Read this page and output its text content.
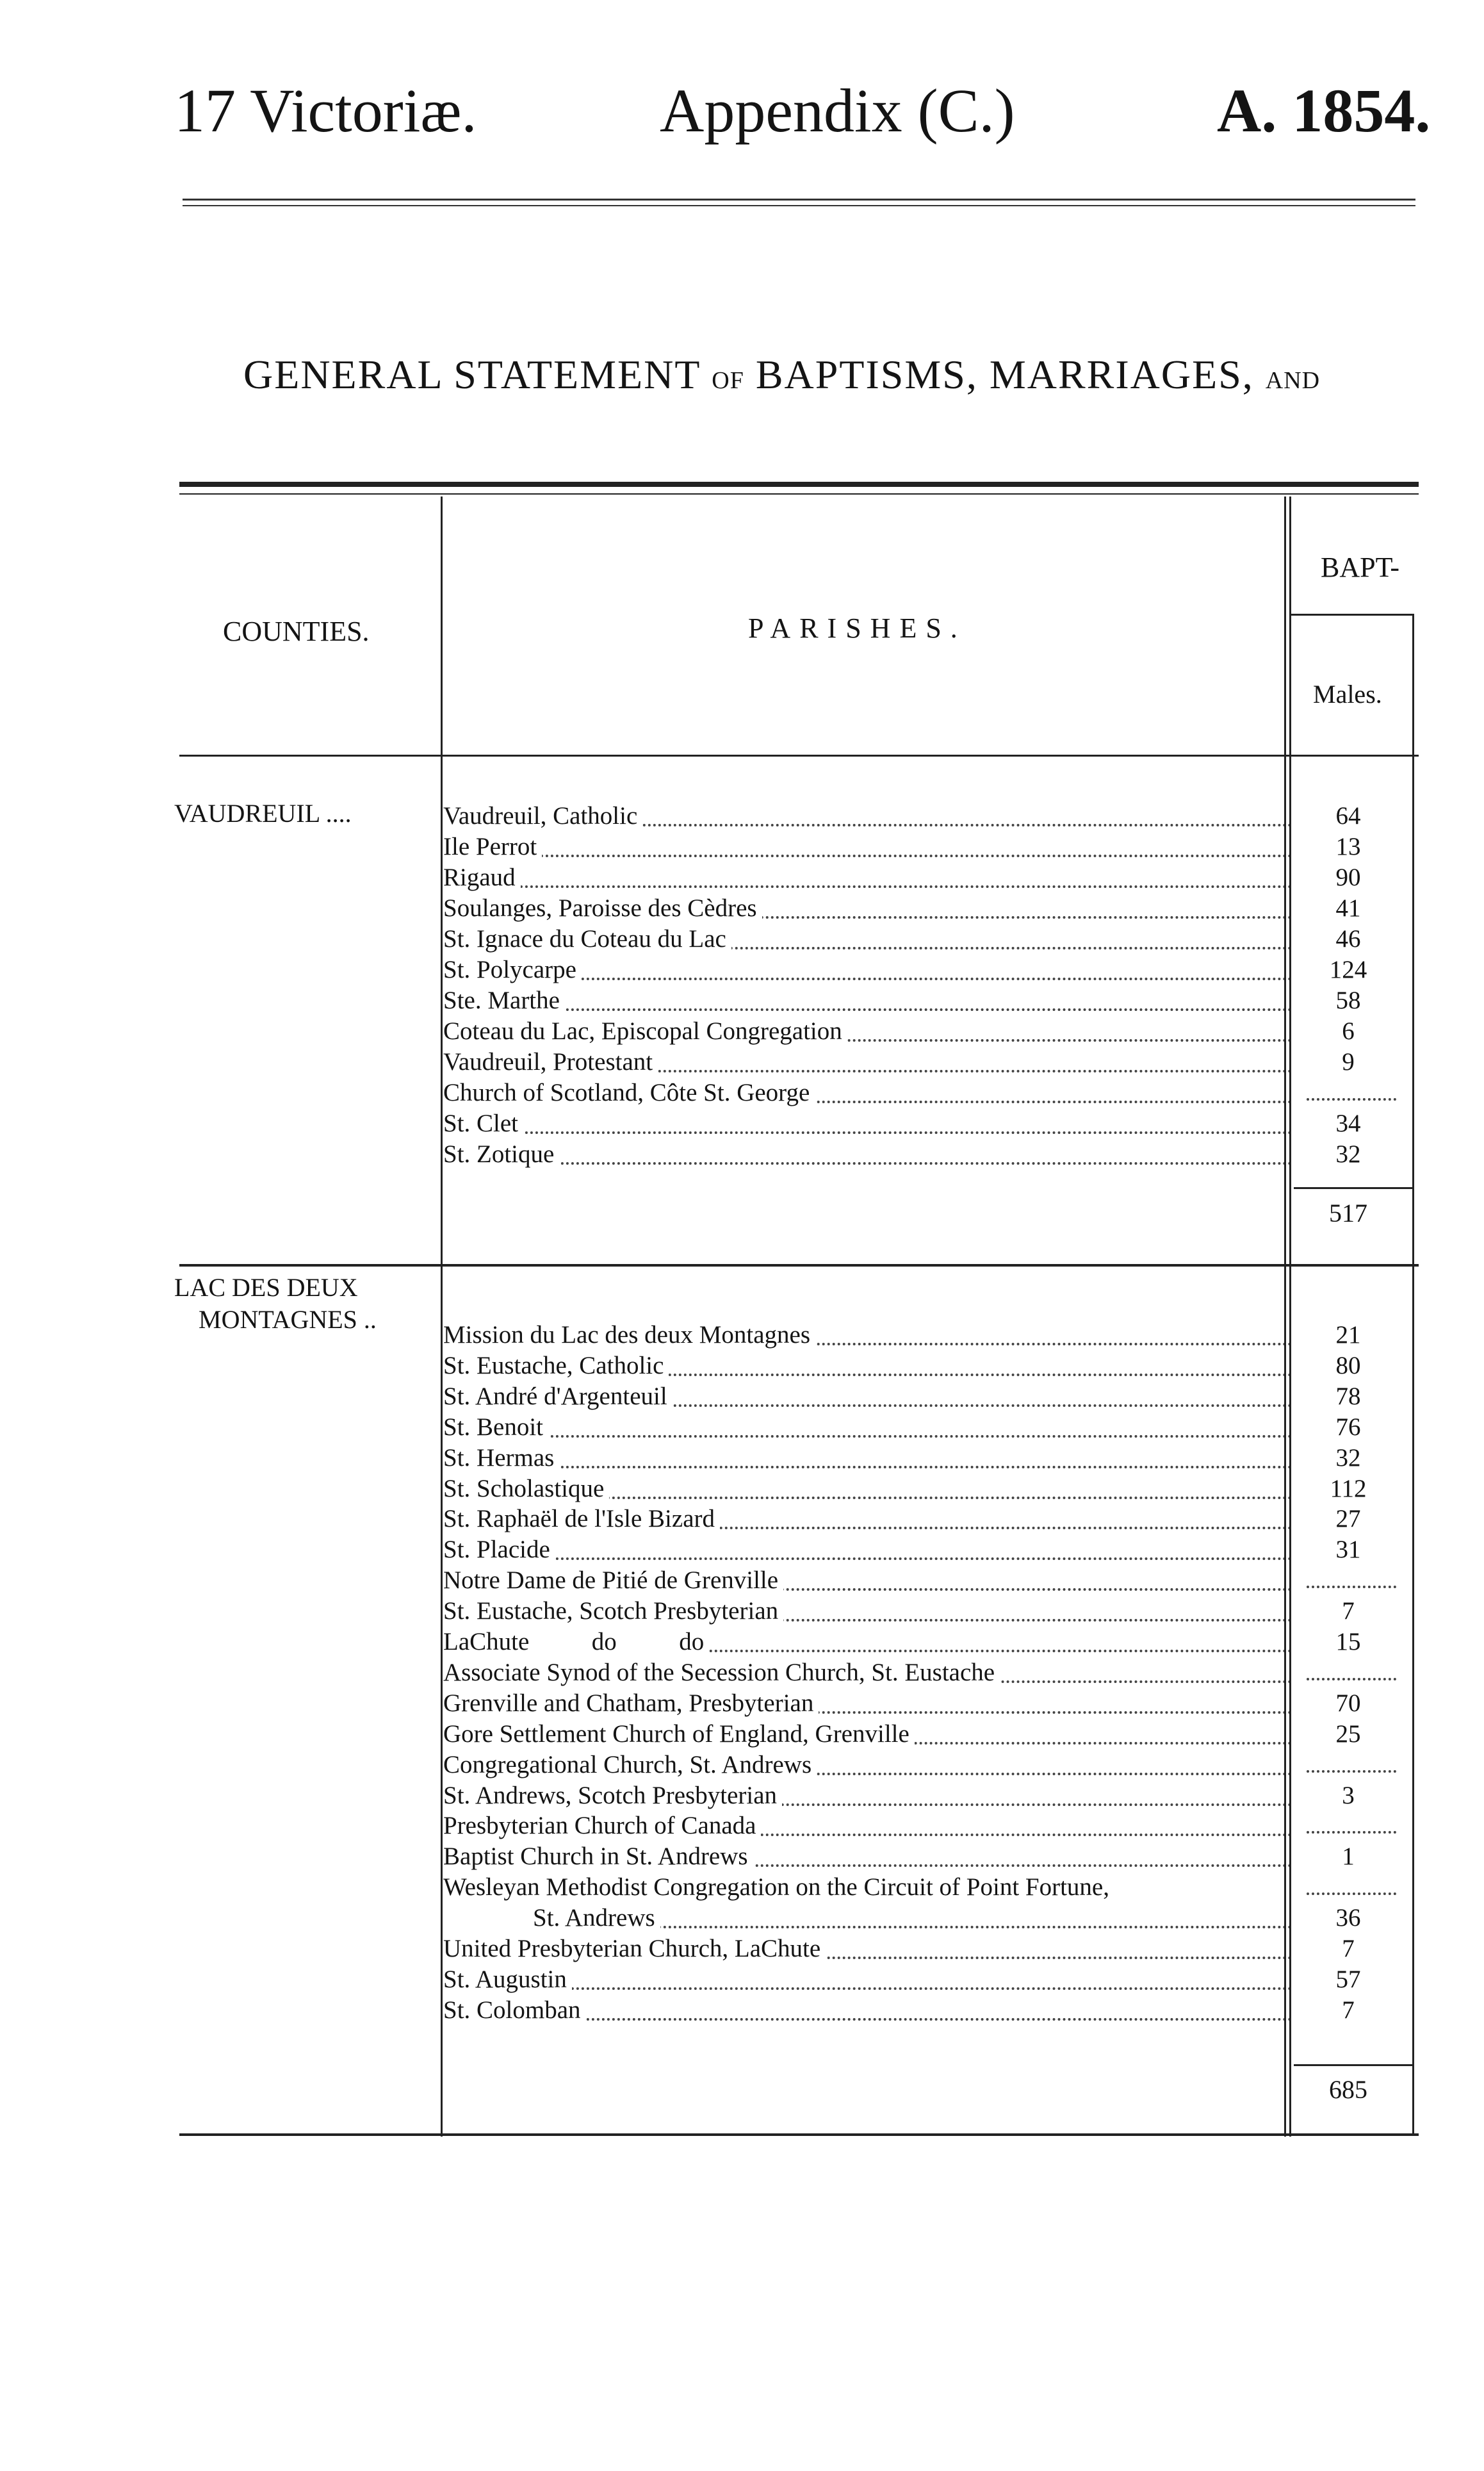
17 Victoriæ.	Appendix (C.)	A. 1854.
GENERAL STATEMENT OF BAPTISMS, MARRIAGES, AND
COUNTIES.	PARISHES.
BAPT-
Males.
VAUDREUIL ....	Vaudreuil, Catholic	64
Ile Perrot	13
Rigaud	90
Soulanges, Paroisse des Cèdres	41
St. Ignace du Coteau du Lac	46
St. Polycarpe	124
Ste. Marthe	58
Coteau du Lac, Episcopal Congregation	6
Vaudreuil, Protestant	9
Church of Scotland, Côte St. George
St. Clet	34
St. Zotique	32
517
LAC DES DEUX
MONTAGNES ..
Mission du Lac des deux Montagnes	21
St. Eustache, Catholic	80
St. André d'Argenteuil	78
St. Benoit	76
St. Hermas	32
St. Scholastique	112
St. Raphaël de l'Isle Bizard	27
St. Placide	31
Notre Dame de Pitié de Grenville
St. Eustache, Scotch Presbyterian	7
LaChute          do          do	15
Associate Synod of the Secession Church, St. Eustache
Grenville and Chatham, Presbyterian	70
Gore Settlement Church of England, Grenville	25
Congregational Church, St. Andrews
St. Andrews, Scotch Presbyterian	3
Presbyterian Church of Canada
Baptist Church in St. Andrews	1
Wesleyan Methodist Congregation on the Circuit of Point Fortune,
St. Andrews	36
United Presbyterian Church, LaChute	7
St. Augustin	57
St. Colomban	7
685
